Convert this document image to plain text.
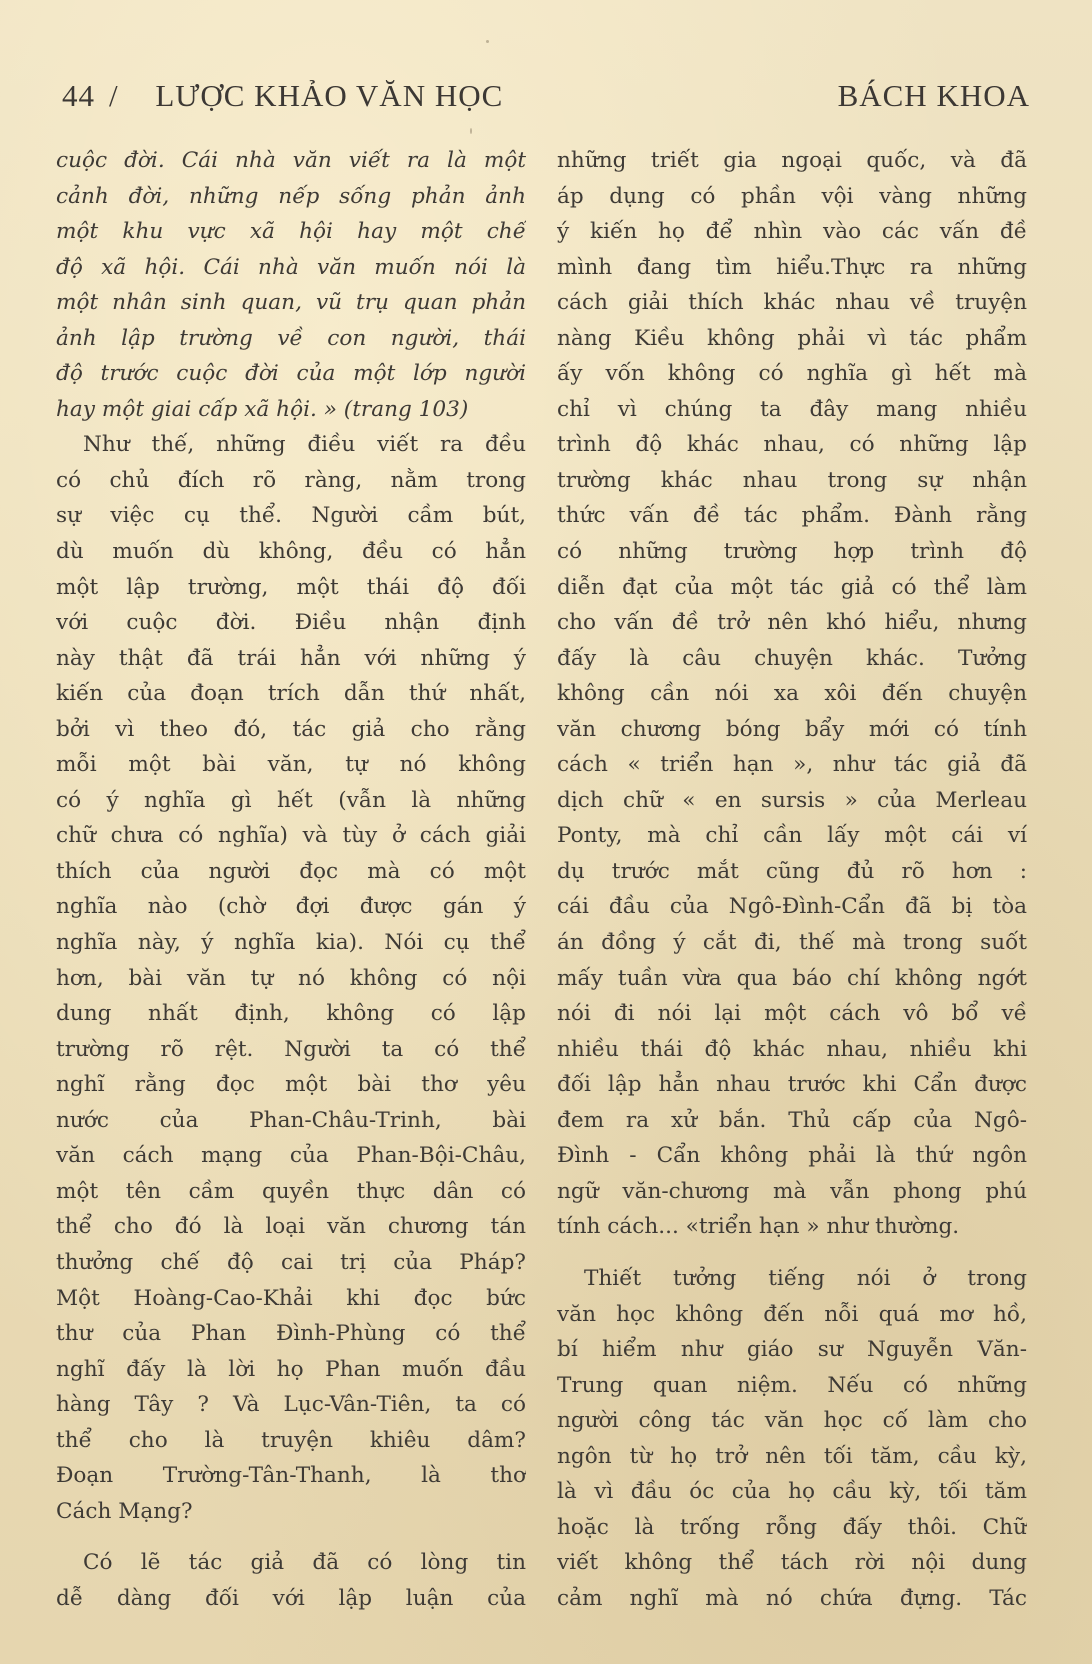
44 / LƯỢC KHẢO VĂN HỌC	BÁCH KHOA
cuộc đời. Cái nhà văn viết ra là một
cảnh đời, những nếp sống phản ảnh
một khu vực xã hội hay một chế
độ xã hội. Cái nhà văn muốn nói là
một nhân sinh quan, vũ trụ quan phản
ảnh lập trường về con người, thái
độ trước cuộc đời của một lớp người
hay một giai cấp xã hội. » (trang 103)
Như thế, những điều viết ra đều
có chủ đích rõ ràng, nằm trong
sự việc cụ thể. Người cầm bút,
dù muốn dù không, đều có hẳn
một lập trường, một thái độ đối
với cuộc đời. Điều nhận định
này thật đã trái hẳn với những ý
kiến của đoạn trích dẫn thứ nhất,
bởi vì theo đó, tác giả cho rằng
mỗi một bài văn, tự nó không
có ý nghĩa gì hết (vẫn là những
chữ chưa có nghĩa) và tùy ở cách giải
thích của người đọc mà có một
nghĩa nào (chờ đợi được gán ý
nghĩa này, ý nghĩa kia). Nói cụ thể
hơn, bài văn tự nó không có nội
dung nhất định, không có lập
trường rõ rệt. Người ta có thể
nghĩ rằng đọc một bài thơ yêu
nước của Phan-Châu-Trinh, bài
văn cách mạng của Phan-Bội-Châu,
một tên cầm quyền thực dân có
thể cho đó là loại văn chương tán
thưởng chế độ cai trị của Pháp?
Một Hoàng-Cao-Khải khi đọc bức
thư của Phan Đình-Phùng có thể
nghĩ đấy là lời họ Phan muốn đầu
hàng Tây ? Và Lục-Vân-Tiên, ta có
thể cho là truyện khiêu dâm?
Đoạn Trường-Tân-Thanh, là thơ
Cách Mạng?
Có lẽ tác giả đã có lòng tin
dễ dàng đối với lập luận của
những triết gia ngoại quốc, và đã
áp dụng có phần vội vàng những
ý kiến họ để nhìn vào các vấn đề
mình đang tìm hiểu.Thực ra những
cách giải thích khác nhau về truyện
nàng Kiều không phải vì tác phẩm
ấy vốn không có nghĩa gì hết mà
chỉ vì chúng ta đây mang nhiều
trình độ khác nhau, có những lập
trường khác nhau trong sự nhận
thức vấn đề tác phẩm. Đành rằng
có những trường hợp trình độ
diễn đạt của một tác giả có thể làm
cho vấn đề trở nên khó hiểu, nhưng
đấy là câu chuyện khác. Tưởng
không cần nói xa xôi đến chuyện
văn chương bóng bẩy mới có tính
cách « triển hạn », như tác giả đã
dịch chữ « en sursis » của Merleau
Ponty, mà chỉ cần lấy một cái ví
dụ trước mắt cũng đủ rõ hơn :
cái đầu của Ngô-Đình-Cẩn đã bị tòa
án đồng ý cắt đi, thế mà trong suốt
mấy tuần vừa qua báo chí không ngớt
nói đi nói lại một cách vô bổ về
nhiều thái độ khác nhau, nhiều khi
đối lập hẳn nhau trước khi Cẩn được
đem ra xử bắn. Thủ cấp của Ngô-
Đình - Cẩn không phải là thứ ngôn
ngữ văn-chương mà vẫn phong phú
tính cách... «triển hạn » như thường.
Thiết tưởng tiếng nói ở trong
văn học không đến nỗi quá mơ hồ,
bí hiểm như giáo sư Nguyễn Văn-
Trung quan niệm. Nếu có những
người công tác văn học cố làm cho
ngôn từ họ trở nên tối tăm, cầu kỳ,
là vì đầu óc của họ cầu kỳ, tối tăm
hoặc là trống rỗng đấy thôi. Chữ
viết không thể tách rời nội dung
cảm nghĩ mà nó chứa đựng. Tác
